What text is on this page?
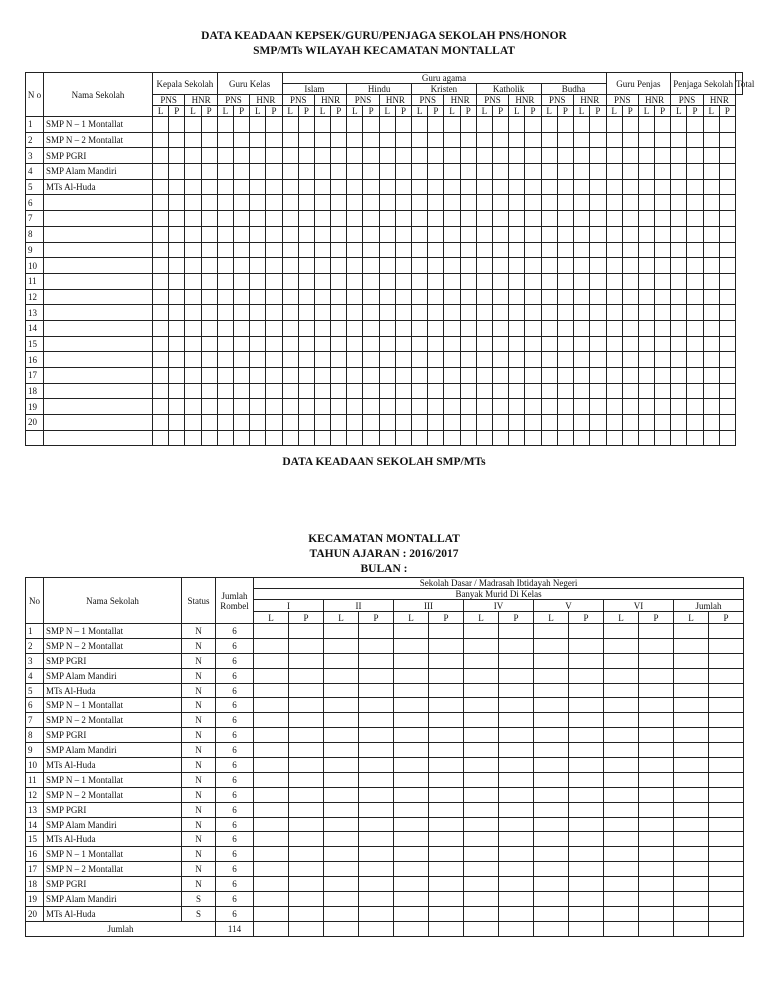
DATA KEADAAN KEPSEK/GURU/PENJAGA SEKOLAH PNS/HONOR
SMP/MTs WILAYAH KECAMATAN MONTALLAT
N o	Nama Sekolah	Kepala Sekolah				Guru Kelas				Guru agama																				Guru Penjas				Penjaga Sekolah				Total
										Islam				Hindu				Kristen				Katholik				Budha												
		PNS		HNR		PNS		HNR		PNS		HNR		PNS		HNR		PNS		HNR		PNS		HNR		PNS		HNR		PNS		HNR		PNS		HNR		
		L	P	L	P	L	P	L	P	L	P	L	P	L	P	L	P	L	P	L	P	L	P	L	P	L	P	L	P	L	P	L	P	L	P	L	P	
1	SMP N – 1 Montallat																																					
2	SMP N – 2 Montallat																																					
3	SMP PGRI																																					
4	SMP Alam Mandiri																																					
5	MTs Al-Huda																																					
6																																						
7																																						
8																																						
9																																						
10																																						
11																																						
12																																						
13																																						
14																																						
15																																						
16																																						
17																																						
18																																						
19																																						
20																																						

DATA KEADAAN SEKOLAH SMP/MTs
KECAMATAN MONTALLAT
TAHUN AJARAN : 2016/2017
BULAN :
No	Nama Sekolah	Status	Jumlah Rombel	Sekolah Dasar / Madrasah Ibtidayah Negeri													
				Banyak Murid Di Kelas													
				I		II		III		IV		V		VI		Jumlah	
				L	P	L	P	L	P	L	P	L	P	L	P	L	P
1	SMP N – 1 Montallat	N	6														
2	SMP N – 2 Montallat	N	6														
3	SMP PGRI	N	6														
4	SMP Alam Mandiri	N	6														
5	MTs Al-Huda	N	6														
6	SMP N – 1 Montallat	N	6														
7	SMP N – 2 Montallat	N	6														
8	SMP PGRI	N	6														
9	SMP Alam Mandiri	N	6														
10	MTs Al-Huda	N	6														
11	SMP N – 1 Montallat	N	6														
12	SMP N – 2 Montallat	N	6														
13	SMP PGRI	N	6														
14	SMP Alam Mandiri	N	6														
15	MTs Al-Huda	N	6														
16	SMP N – 1 Montallat	N	6														
17	SMP N – 2 Montallat	N	6														
18	SMP PGRI	N	6														
19	SMP Alam Mandiri	S	6														
20	MTs Al-Huda	S	6														
Jumlah			114														
